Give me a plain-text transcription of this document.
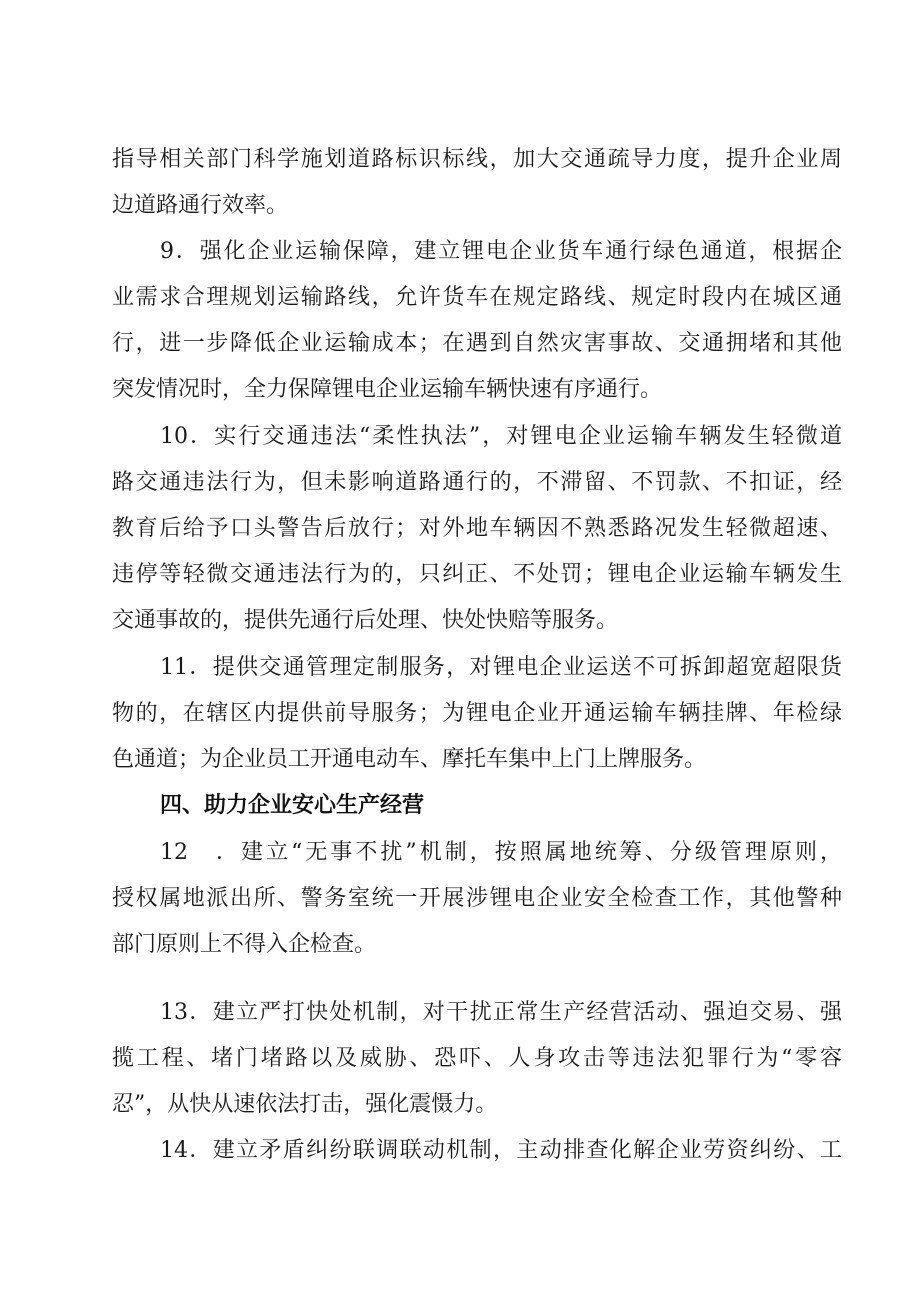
指导相关部门科学施划道路标识标线，加大交通疏导力度，提升企业周
边道路通行效率。
9．强化企业运输保障，建立锂电企业货车通行绿色通道，根据企
业需求合理规划运输路线，允许货车在规定路线、规定时段内在城区通
行，进一步降低企业运输成本；在遇到自然灾害事故、交通拥堵和其他
突发情况时，全力保障锂电企业运输车辆快速有序通行。
10．实行交通违法“柔性执法”，对锂电企业运输车辆发生轻微道
路交通违法行为，但未影响道路通行的，不滞留、不罚款、不扣证，经
教育后给予口头警告后放行；对外地车辆因不熟悉路况发生轻微超速、
违停等轻微交通违法行为的，只纠正、不处罚；锂电企业运输车辆发生
交通事故的，提供先通行后处理、快处快赔等服务。
11．提供交通管理定制服务，对锂电企业运送不可拆卸超宽超限货
物的，在辖区内提供前导服务；为锂电企业开通运输车辆挂牌、年检绿
色通道；为企业员工开通电动车、摩托车集中上门上牌服务。
四、助力企业安心生产经营
12　．建立“无事不扰”机制，按照属地统筹、分级管理原则，
授权属地派出所、警务室统一开展涉锂电企业安全检查工作，其他警种
部门原则上不得入企检查。
13．建立严打快处机制，对干扰正常生产经营活动、强迫交易、强
揽工程、堵门堵路以及威胁、恐吓、人身攻击等违法犯罪行为“零容
忍”，从快从速依法打击，强化震慑力。
14．建立矛盾纠纷联调联动机制，主动排查化解企业劳资纠纷、工
